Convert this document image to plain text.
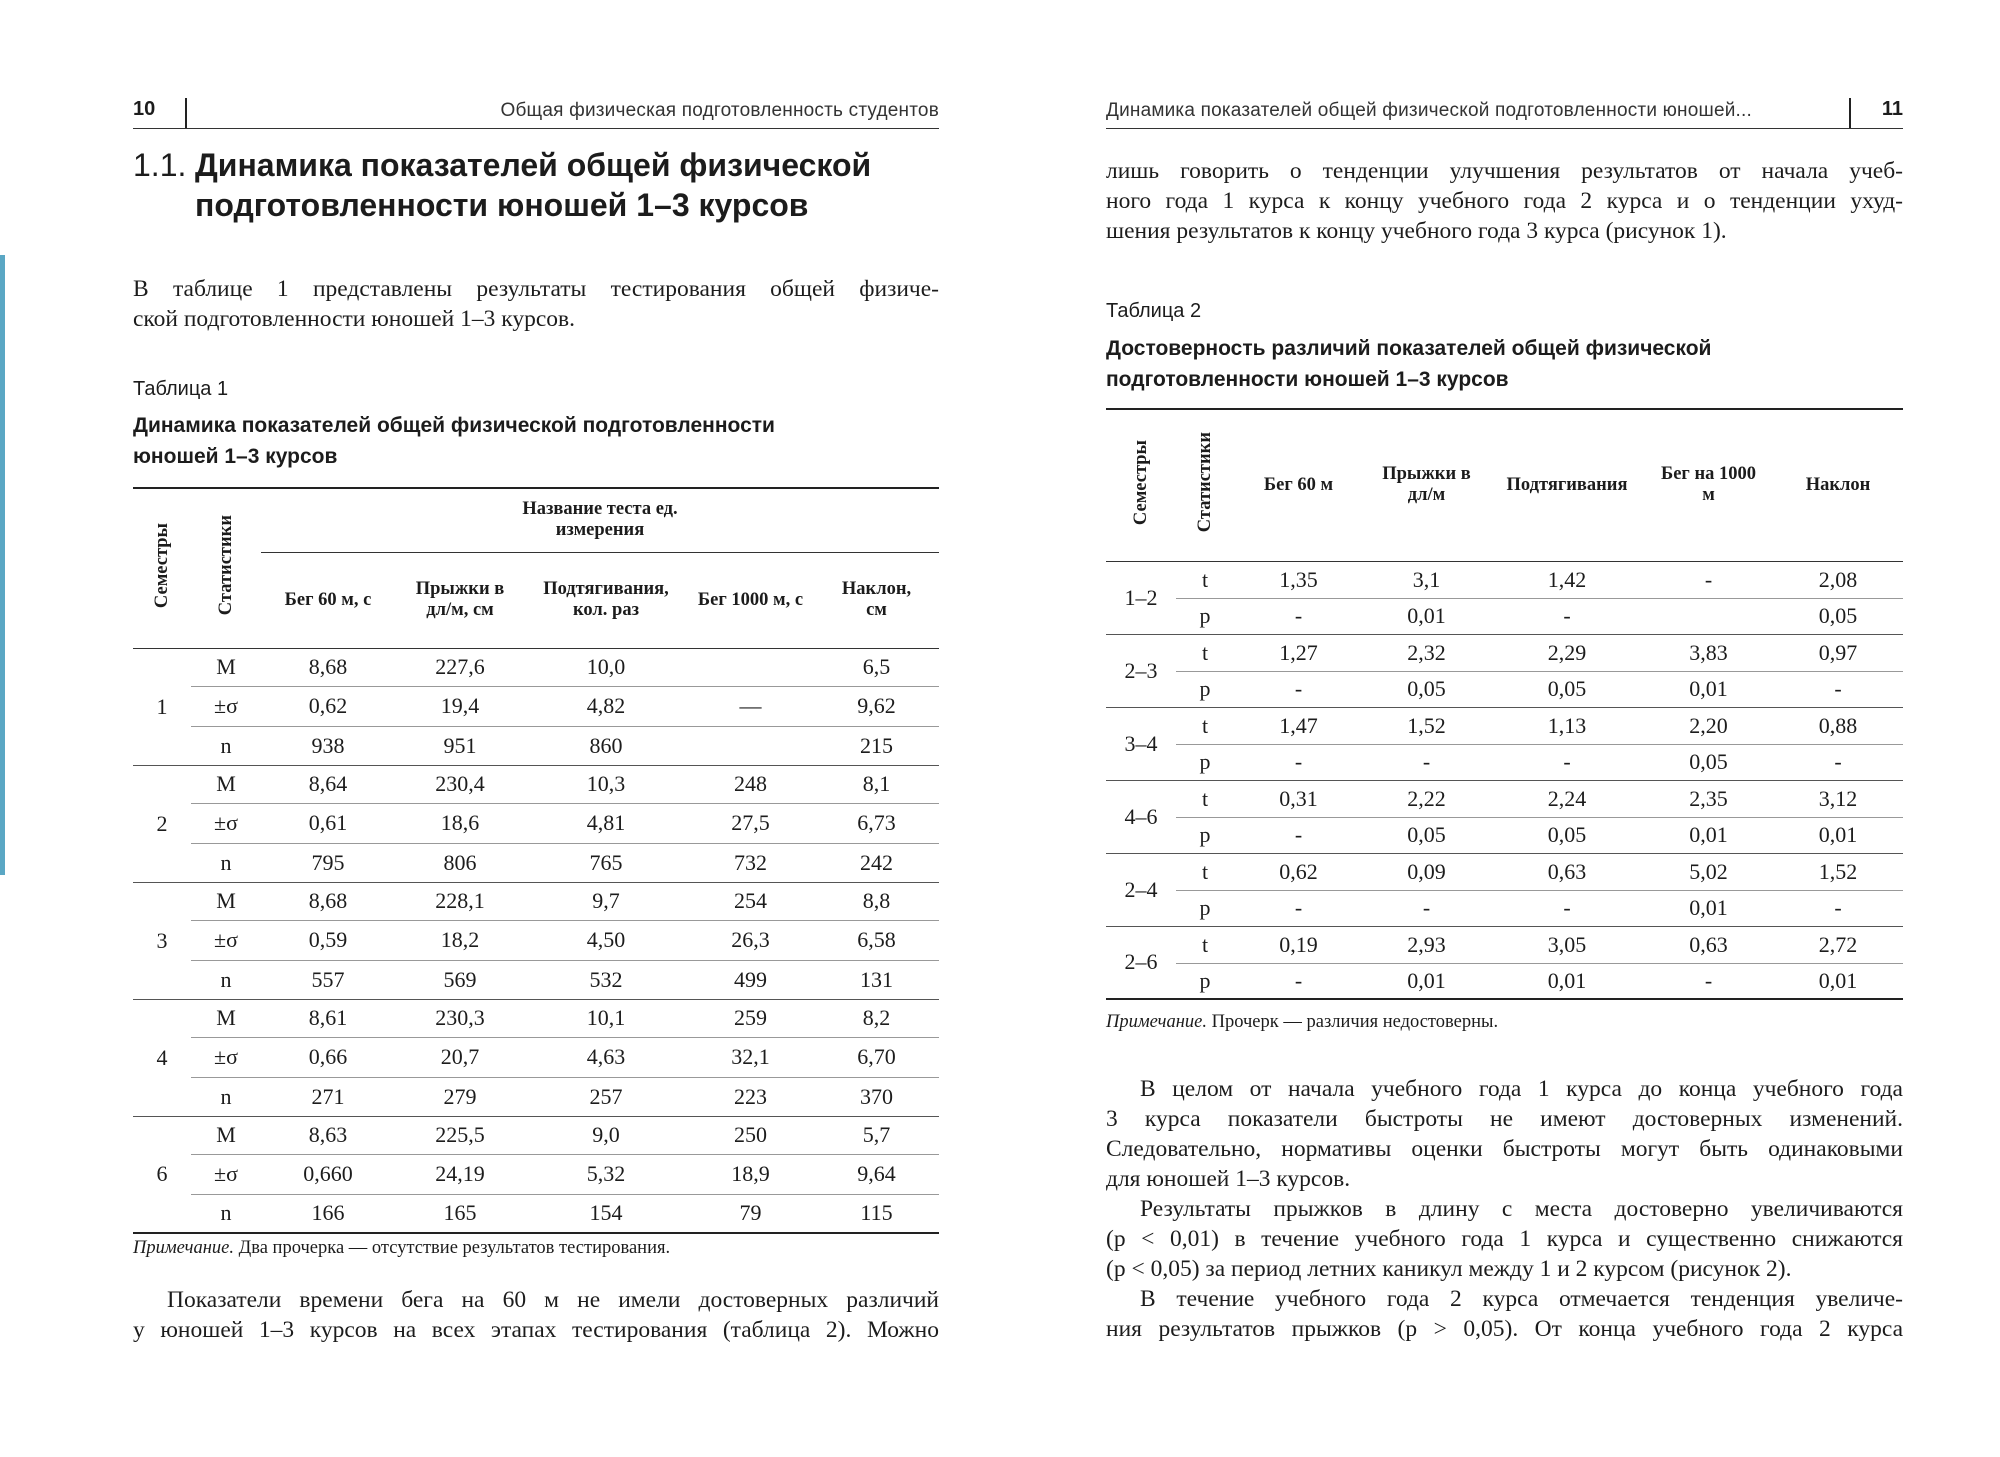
10	Общая физическая подготовленность студентов
1.1. Динамика показателей общей физической подготовленности юношей 1–3 курсов
В таблице 1 представлены результаты тестирования общей физиче-
ской подготовленности юношей 1–3 курсов.
Таблица 1
Динамика показателей общей физической подготовленности юношей 1–3 курсов
Семестры	Статистики	Название теста ед. измерения				

		Бег 60 м, с	Прыжки в дл/м, см	Подтягивания, кол. раз	Бег 1000 м, с	Наклон, см

1	M	8,68	227,6	10,0		6,5
	±σ	0,62	19,4	4,82	—	9,62
	n	938	951	860		215
2	M	8,64	230,4	10,3	248	8,1
	±σ	0,61	18,6	4,81	27,5	6,73
	n	795	806	765	732	242
3	M	8,68	228,1	9,7	254	8,8
	±σ	0,59	18,2	4,50	26,3	6,58
	n	557	569	532	499	131
4	M	8,61	230,3	10,1	259	8,2
	±σ	0,66	20,7	4,63	32,1	6,70
	n	271	279	257	223	370
6	M	8,63	225,5	9,0	250	5,7
	±σ	0,660	24,19	5,32	18,9	9,64
	n	166	165	154	79	115
Примечание. Два прочерка — отсутствие результатов тестирования.
Показатели времени бега на 60 м не имели достоверных различий
у юношей 1–3 курсов на всех этапах тестирования (таблица 2). Можно
Динамика показателей общей физической подготовленности юношей...	11
лишь говорить о тенденции улучшения результатов от начала учеб-
ного года 1 курса к концу учебного года 2 курса и о тенденции ухуд-
шения результатов к концу учебного года 3 курса (рисунок 1).
Таблица 2
Достоверность различий показателей общей физической подготовленности юношей 1–3 курсов
Семестры	Статистики	Бег 60 м	Прыжки в дл/м	Подтягивания	Бег на 1000 м	Наклон

1–2	t	1,35	3,1	1,42	-	2,08
	p	-	0,01	-		0,05
2–3	t	1,27	2,32	2,29	3,83	0,97
	p	-	0,05	0,05	0,01	-
3–4	t	1,47	1,52	1,13	2,20	0,88
	p	-	-	-	0,05	-
4–6	t	0,31	2,22	2,24	2,35	3,12
	p	-	0,05	0,05	0,01	0,01
2–4	t	0,62	0,09	0,63	5,02	1,52
	p	-	-	-	0,01	-
2–6	t	0,19	2,93	3,05	0,63	2,72
	p	-	0,01	0,01	-	0,01
Примечание. Прочерк — различия недостоверны.
В целом от начала учебного года 1 курса до конца учебного года
3 курса показатели быстроты не имеют достоверных изменений.
Следовательно, нормативы оценки быстроты могут быть одинаковыми
для юношей 1–3 курсов.
Результаты прыжков в длину с места достоверно увеличиваются
(р < 0,01) в течение учебного года 1 курса и существенно снижаются
(р < 0,05) за период летних каникул между 1 и 2 курсом (рисунок 2).
В течение учебного года 2 курса отмечается тенденция увеличе-
ния результатов прыжков (р > 0,05). От конца учебного года 2 курса
